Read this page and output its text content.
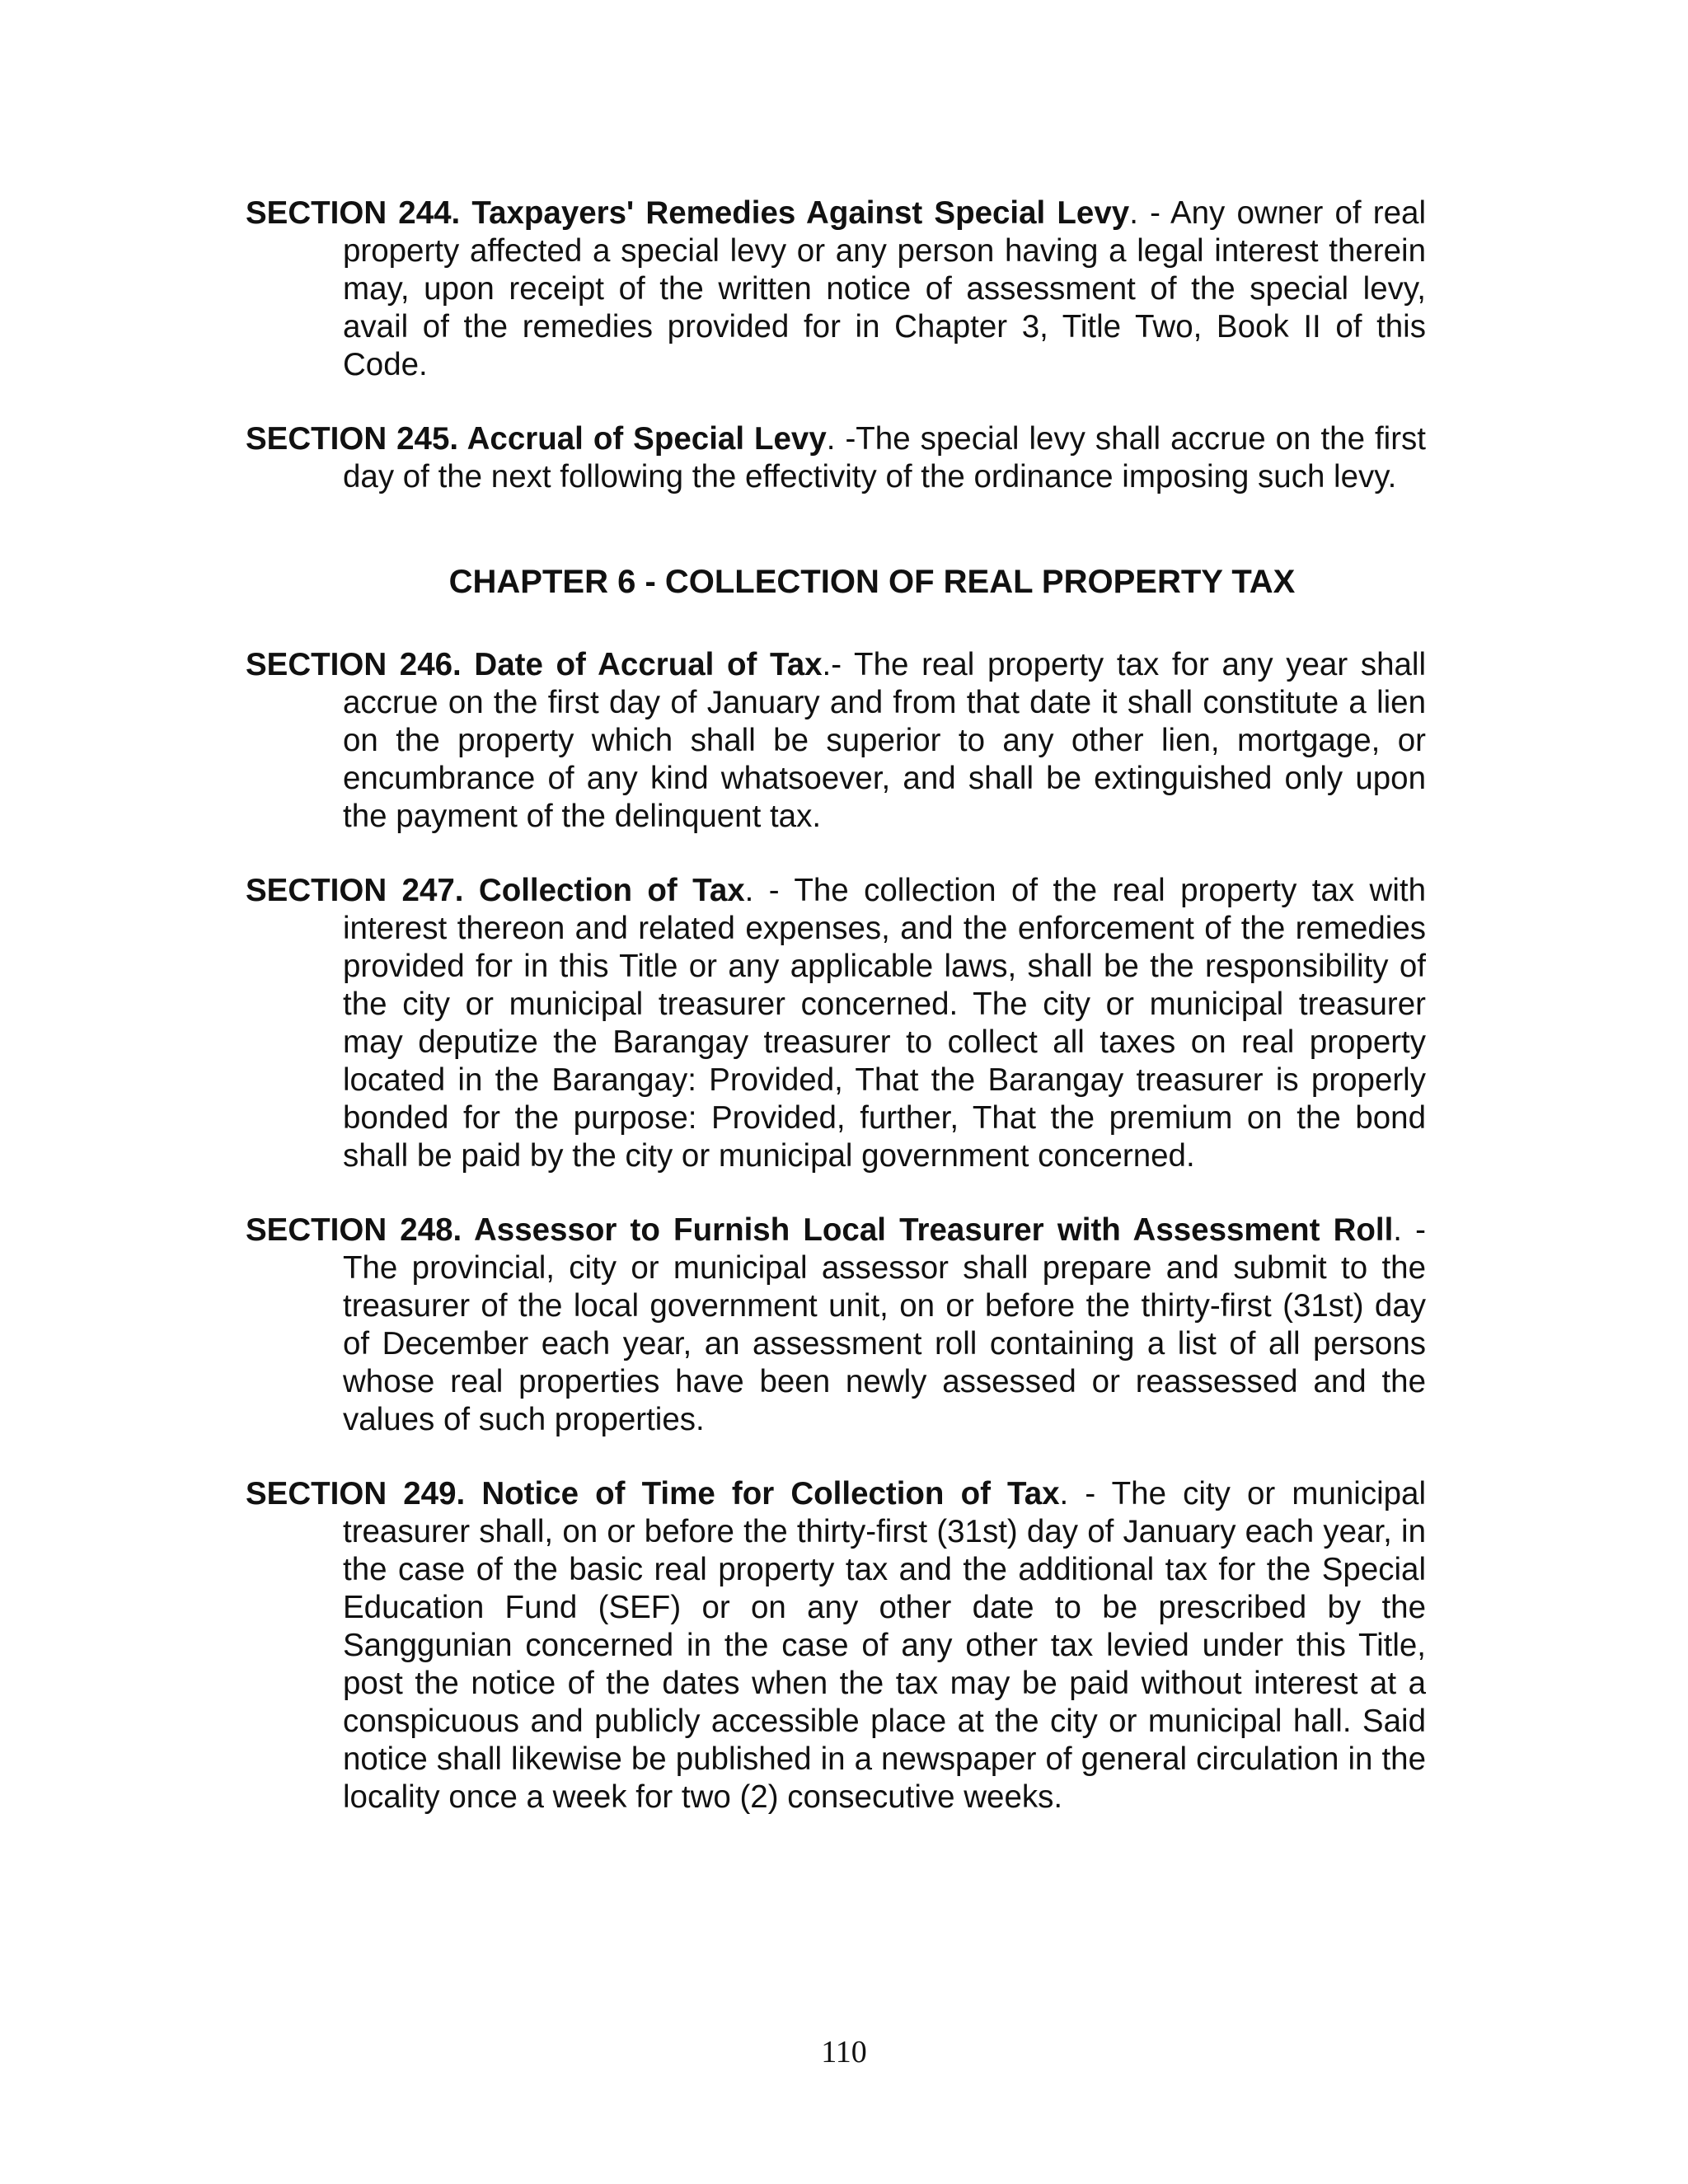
SECTION 244. Taxpayers' Remedies Against Special Levy. - Any owner of real property affected a special levy or any person having a legal interest therein may, upon receipt of the written notice of assessment of the special levy, avail of the remedies provided for in Chapter 3, Title Two, Book II of this Code.

SECTION 245. Accrual of Special Levy. -The special levy shall accrue on the first day of the next following the effectivity of the ordinance imposing such levy.

CHAPTER 6 - COLLECTION OF REAL PROPERTY TAX

SECTION 246. Date of Accrual of Tax.- The real property tax for any year shall accrue on the first day of January and from that date it shall constitute a lien on the property which shall be superior to any other lien, mortgage, or encumbrance of any kind whatsoever, and shall be extinguished only upon the payment of the delinquent tax.

SECTION 247. Collection of Tax. - The collection of the real property tax with interest thereon and related expenses, and the enforcement of the remedies provided for in this Title or any applicable laws, shall be the responsibility of the city or municipal treasurer concerned. The city or municipal treasurer may deputize the Barangay treasurer to collect all taxes on real property located in the Barangay: Provided, That the Barangay treasurer is properly bonded for the purpose: Provided, further, That the premium on the bond shall be paid by the city or municipal government concerned.

SECTION 248. Assessor to Furnish Local Treasurer with Assessment Roll. - The provincial, city or municipal assessor shall prepare and submit to the treasurer of the local government unit, on or before the thirty-first (31st) day of December each year, an assessment roll containing a list of all persons whose real properties have been newly assessed or reassessed and the values of such properties.

SECTION 249. Notice of Time for Collection of Tax. - The city or municipal treasurer shall, on or before the thirty-first (31st) day of January each year, in the case of the basic real property tax and the additional tax for the Special Education Fund (SEF) or on any other date to be prescribed by the Sanggunian concerned in the case of any other tax levied under this Title, post the notice of the dates when the tax may be paid without interest at a conspicuous and publicly accessible place at the city or municipal hall. Said notice shall likewise be published in a newspaper of general circulation in the locality once a week for two (2) consecutive weeks.

110
